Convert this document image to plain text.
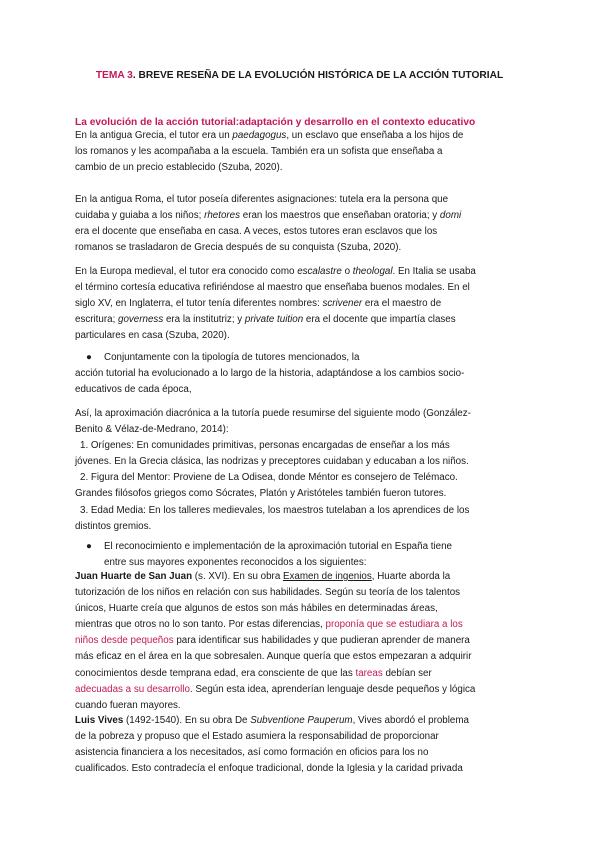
TEMA 3. BREVE RESEÑA DE LA EVOLUCIÓN HISTÓRICA DE LA ACCIÓN TUTORIAL
La evolución de la acción tutorial:adaptación y desarrollo en el contexto educativo

En la antigua Grecia, el tutor era un paedagogus, un esclavo que enseñaba a los hijos de

los romanos y les acompañaba a la escuela. También era un sofista que enseñaba a

cambio de un precio establecido (Szuba, 2020).

En la antigua Roma, el tutor poseía diferentes asignaciones: tutela era la persona que

cuidaba y guiaba a los niños; rhetores eran los maestros que enseñaban oratoria; y domi

era el docente que enseñaba en casa. A veces, estos tutores eran esclavos que los

romanos se trasladaron de Grecia después de su conquista (Szuba, 2020).

En la Europa medieval, el tutor era conocido como escalastre o theologal. En Italia se usaba

el término cortesía educativa refiriéndose al maestro que enseñaba buenos modales. En el

siglo XV, en Inglaterra, el tutor tenía diferentes nombres: scrivener era el maestro de

escritura; governess era la institutriz; y private tuition era el docente que impartía clases

particulares en casa (Szuba, 2020).

● Conjuntamente con la tipología de tutores mencionados, la

acción tutorial ha evolucionado a lo largo de la historia, adaptándose a los cambios socio-

educativos de cada época,

Así, la aproximación diacrónica a la tutoría puede resumirse del siguiente modo (González-

Benito & Vélaz-de-Medrano, 2014):

1. Orígenes: En comunidades primitivas, personas encargadas de enseñar a los más

jóvenes. En la Grecia clásica, las nodrizas y preceptores cuidaban y educaban a los niños.

2. Figura del Mentor: Proviene de La Odisea, donde Méntor es consejero de Telémaco.

Grandes filósofos griegos como Sócrates, Platón y Aristóteles también fueron tutores.

3. Edad Media: En los talleres medievales, los maestros tutelaban a los aprendices de los

distintos gremios.

● El reconocimiento e implementación de la aproximación tutorial en España tiene
entre sus mayores exponentes reconocidos a los siguientes:

Juan Huarte de San Juan (s. XVI). En su obra Examen de ingenios, Huarte aborda la

tutorización de los niños en relación con sus habilidades. Según su teoría de los talentos

únicos, Huarte creía que algunos de estos son más hábiles en determinadas áreas,

mientras que otros no lo son tanto. Por estas diferencias, proponía que se estudiara a los

niños desde pequeños para identificar sus habilidades y que pudieran aprender de manera

más eficaz en el área en la que sobresalen. Aunque quería que estos empezaran a adquirir

conocimientos desde temprana edad, era consciente de que las tareas debían ser

adecuadas a su desarrollo. Según esta idea, aprenderían lenguaje desde pequeños y lógica

cuando fueran mayores.

Luis Vives (1492-1540). En su obra De Subventione Pauperum, Vives abordó el problema

de la pobreza y propuso que el Estado asumiera la responsabilidad de proporcionar

asistencia financiera a los necesitados, así como formación en oficios para los no

cualificados. Esto contradecía el enfoque tradicional, donde la Iglesia y la caridad privada
